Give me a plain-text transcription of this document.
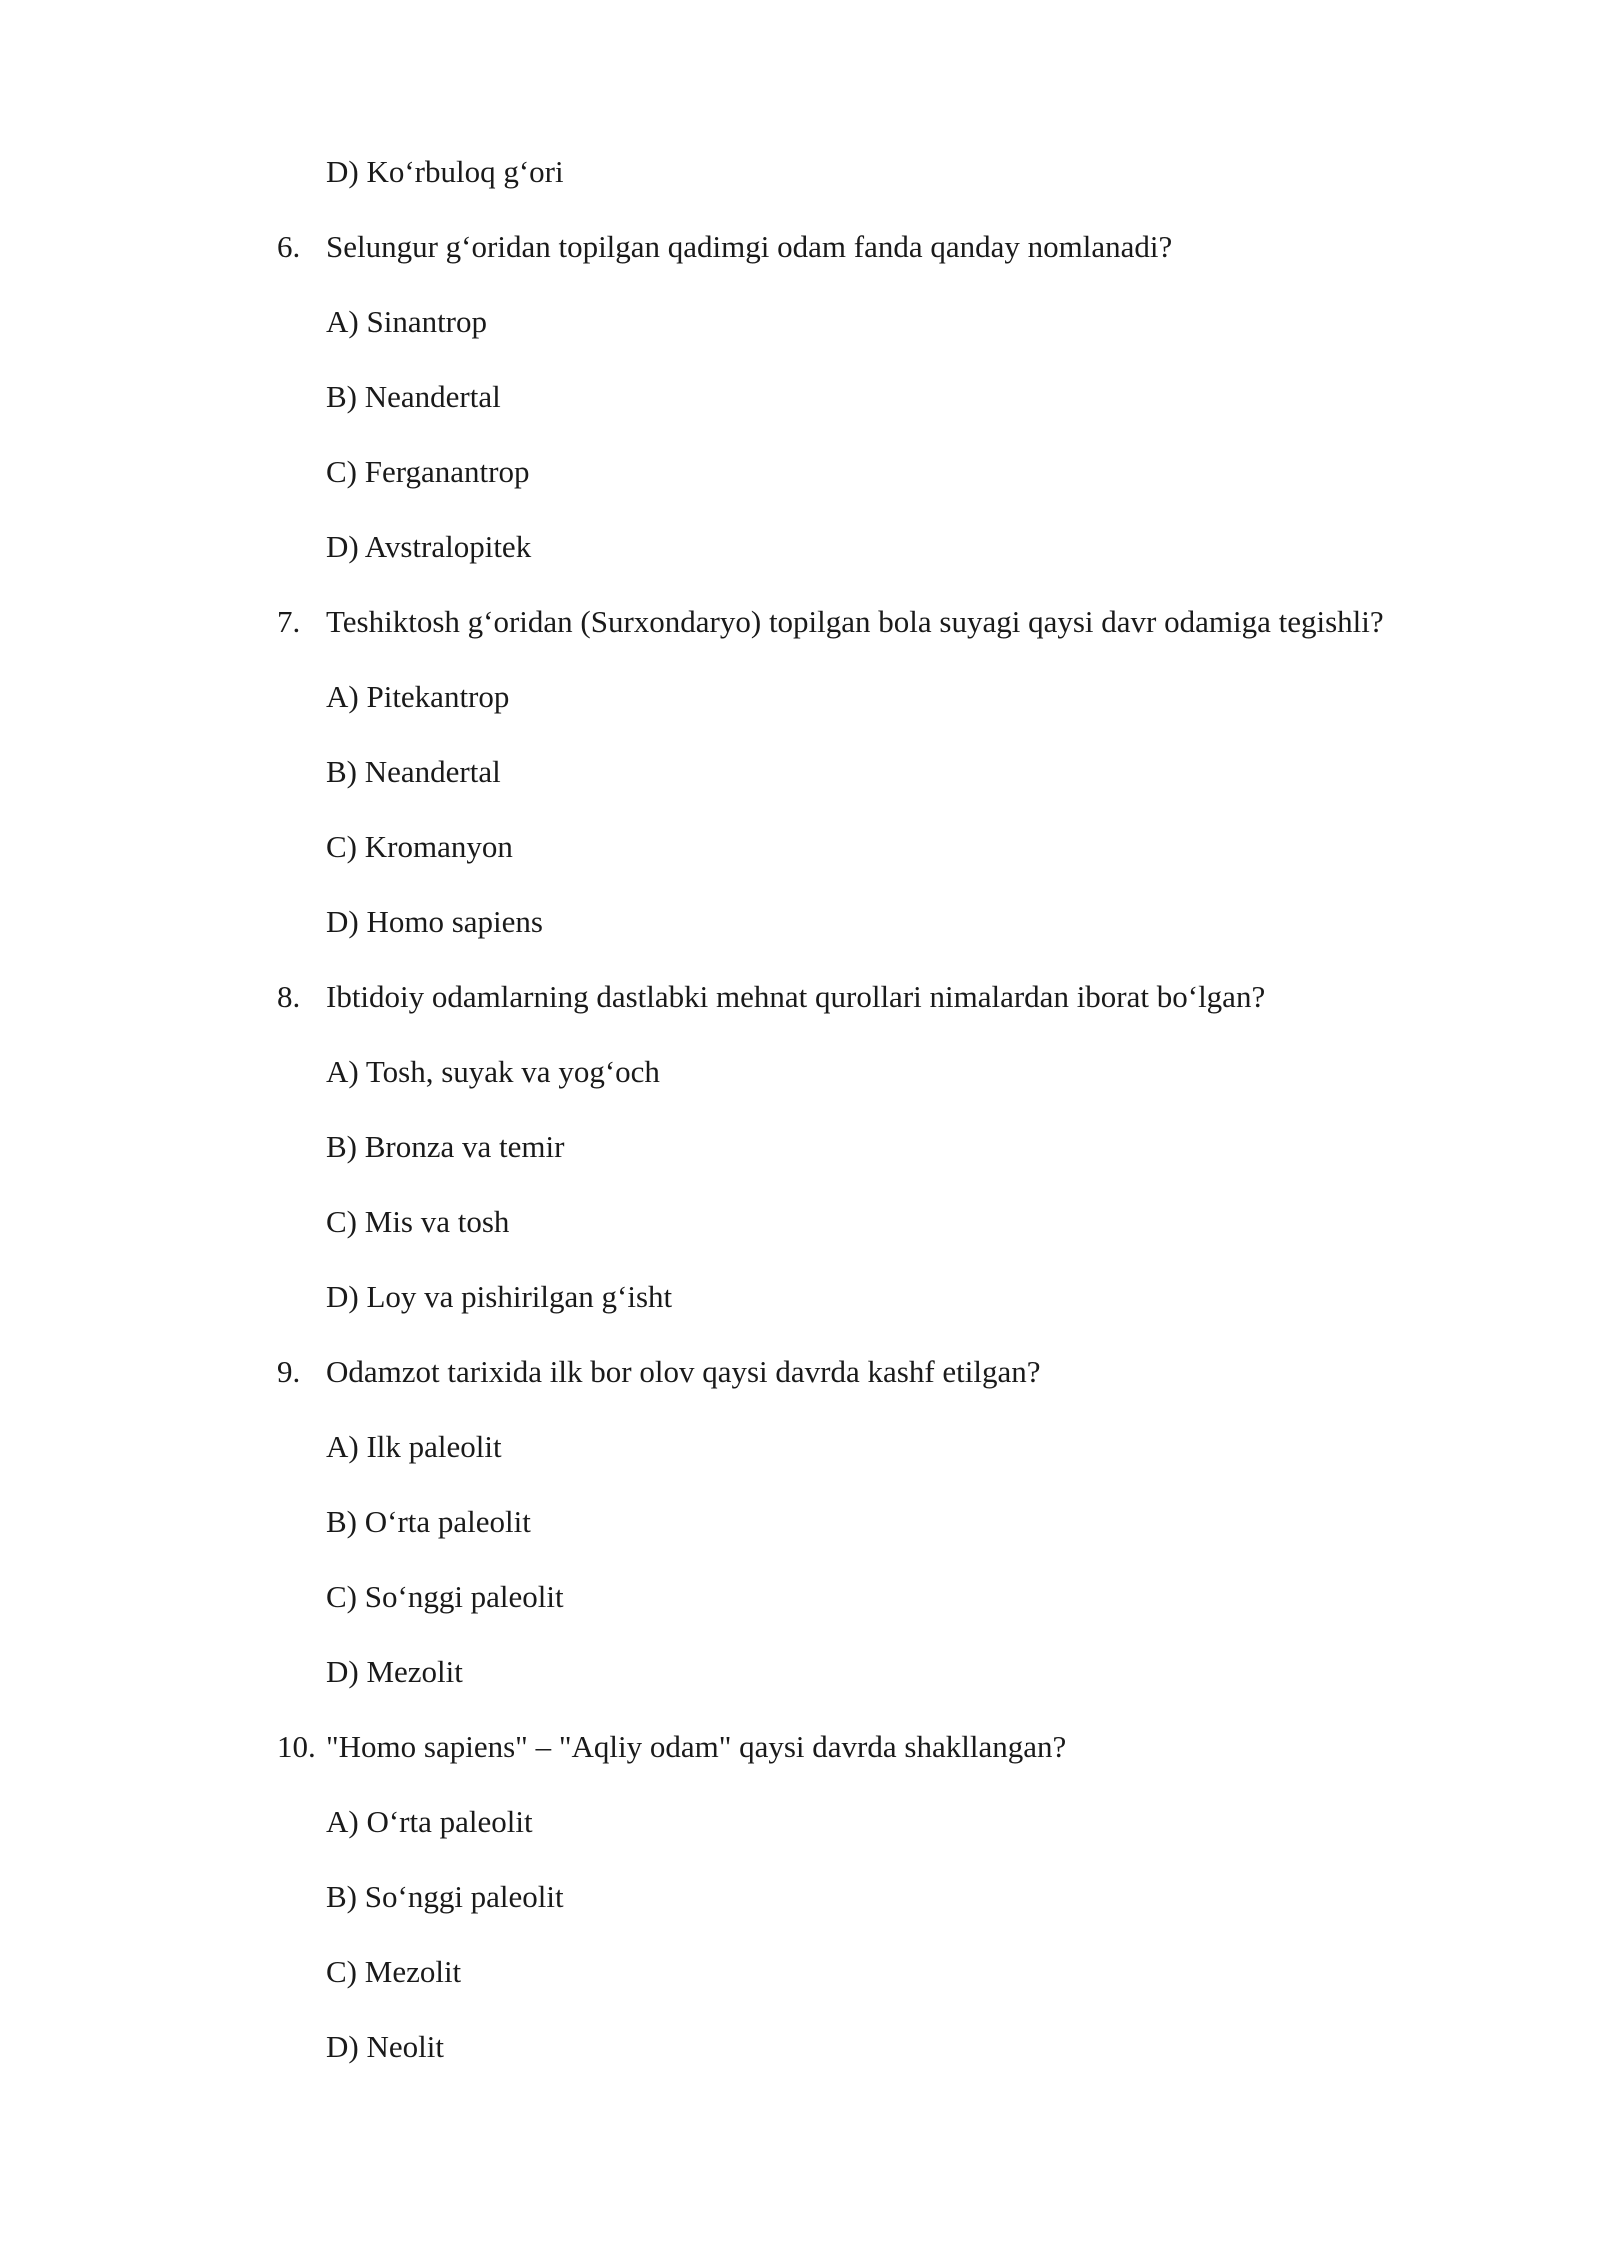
D) Ko‘rbuloq g‘ori
6. Selungur g‘oridan topilgan qadimgi odam fanda qanday nomlanadi?
A) Sinantrop
B) Neandertal
C) Ferganantrop
D) Avstralopitek
7. Teshiktosh g‘oridan (Surxondaryo) topilgan bola suyagi qaysi davr odamiga tegishli?
A) Pitekantrop
B) Neandertal
C) Kromanyon
D) Homo sapiens
8. Ibtidoiy odamlarning dastlabki mehnat qurollari nimalardan iborat bo‘lgan?
A) Tosh, suyak va yog‘och
B) Bronza va temir
C) Mis va tosh
D) Loy va pishirilgan g‘isht
9. Odamzot tarixida ilk bor olov qaysi davrda kashf etilgan?
A) Ilk paleolit
B) O‘rta paleolit
C) So‘nggi paleolit
D) Mezolit
10. "Homo sapiens" – "Aqliy odam" qaysi davrda shakllangan?
A) O‘rta paleolit
B) So‘nggi paleolit
C) Mezolit
D) Neolit
